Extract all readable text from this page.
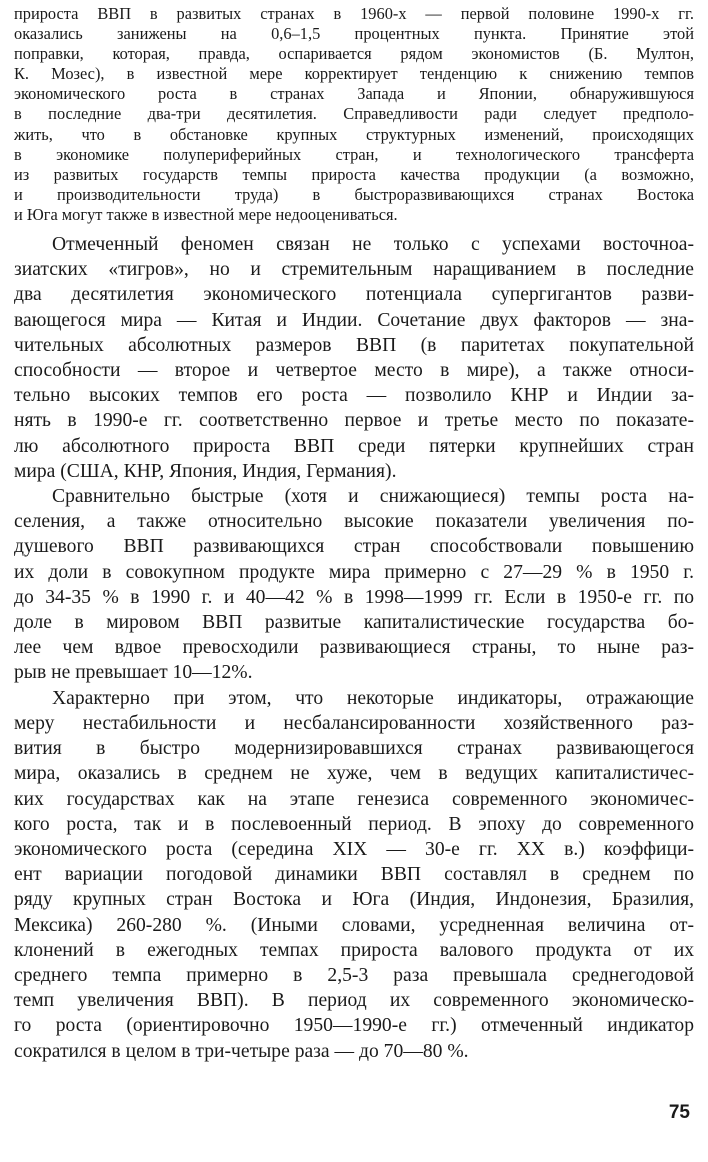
прироста ВВП в развитых странах в 1960-х — первой половине 1990-х гг.
оказались занижены на 0,6–1,5 процентных пункта. Принятие этой
поправки, которая, правда, оспаривается рядом экономистов (Б. Мултон,
К. Мозес), в известной мере корректирует тенденцию к снижению темпов
экономического роста в странах Запада и Японии, обнаружившуюся
в последние два-три десятилетия. Справедливости ради следует предполо-
жить, что в обстановке крупных структурных изменений, происходящих
в экономике полупериферийных стран, и технологического трансферта
из развитых государств темпы прироста качества продукции (а возможно,
и производительности труда) в быстроразвивающихся странах Востока
и Юга могут также в известной мере недооцениваться.
Отмеченный феномен связан не только с успехами восточноа-
зиатских «тигров», но и стремительным наращиванием в последние
два десятилетия экономического потенциала супергигантов разви-
вающегося мира — Китая и Индии. Сочетание двух факторов — зна-
чительных абсолютных размеров ВВП (в паритетах покупательной
способности — второе и четвертое место в мире), а также относи-
тельно высоких темпов его роста — позволило КНР и Индии за-
нять в 1990-е гг. соответственно первое и третье место по показате-
лю абсолютного прироста ВВП среди пятерки крупнейших стран
мира (США, КНР, Япония, Индия, Германия).
Сравнительно быстрые (хотя и снижающиеся) темпы роста на-
селения, а также относительно высокие показатели увеличения по-
душевого ВВП развивающихся стран способствовали повышению
их доли в совокупном продукте мира примерно с 27—29 % в 1950 г.
до 34-35 % в 1990 г. и 40—42 % в 1998—1999 гг. Если в 1950-е гг. по
доле в мировом ВВП развитые капиталистические государства бо-
лее чем вдвое превосходили развивающиеся страны, то ныне раз-
рыв не превышает 10—12%.
Характерно при этом, что некоторые индикаторы, отражающие
меру нестабильности и несбалансированности хозяйственного раз-
вития в быстро модернизировавшихся странах развивающегося
мира, оказались в среднем не хуже, чем в ведущих капиталистичес-
ких государствах как на этапе генезиса современного экономичес-
кого роста, так и в послевоенный период. В эпоху до современного
экономического роста (середина XIX — 30-е гг. XX в.) коэффици-
ент вариации погодовой динамики ВВП составлял в среднем по
ряду крупных стран Востока и Юга (Индия, Индонезия, Бразилия,
Мексика) 260-280 %. (Иными словами, усредненная величина от-
клонений в ежегодных темпах прироста валового продукта от их
среднего темпа примерно в 2,5-3 раза превышала среднегодовой
темп увеличения ВВП). В период их современного экономическо-
го роста (ориентировочно 1950—1990-е гг.) отмеченный индикатор
сократился в целом в три-четыре раза — до 70—80 %.
75
